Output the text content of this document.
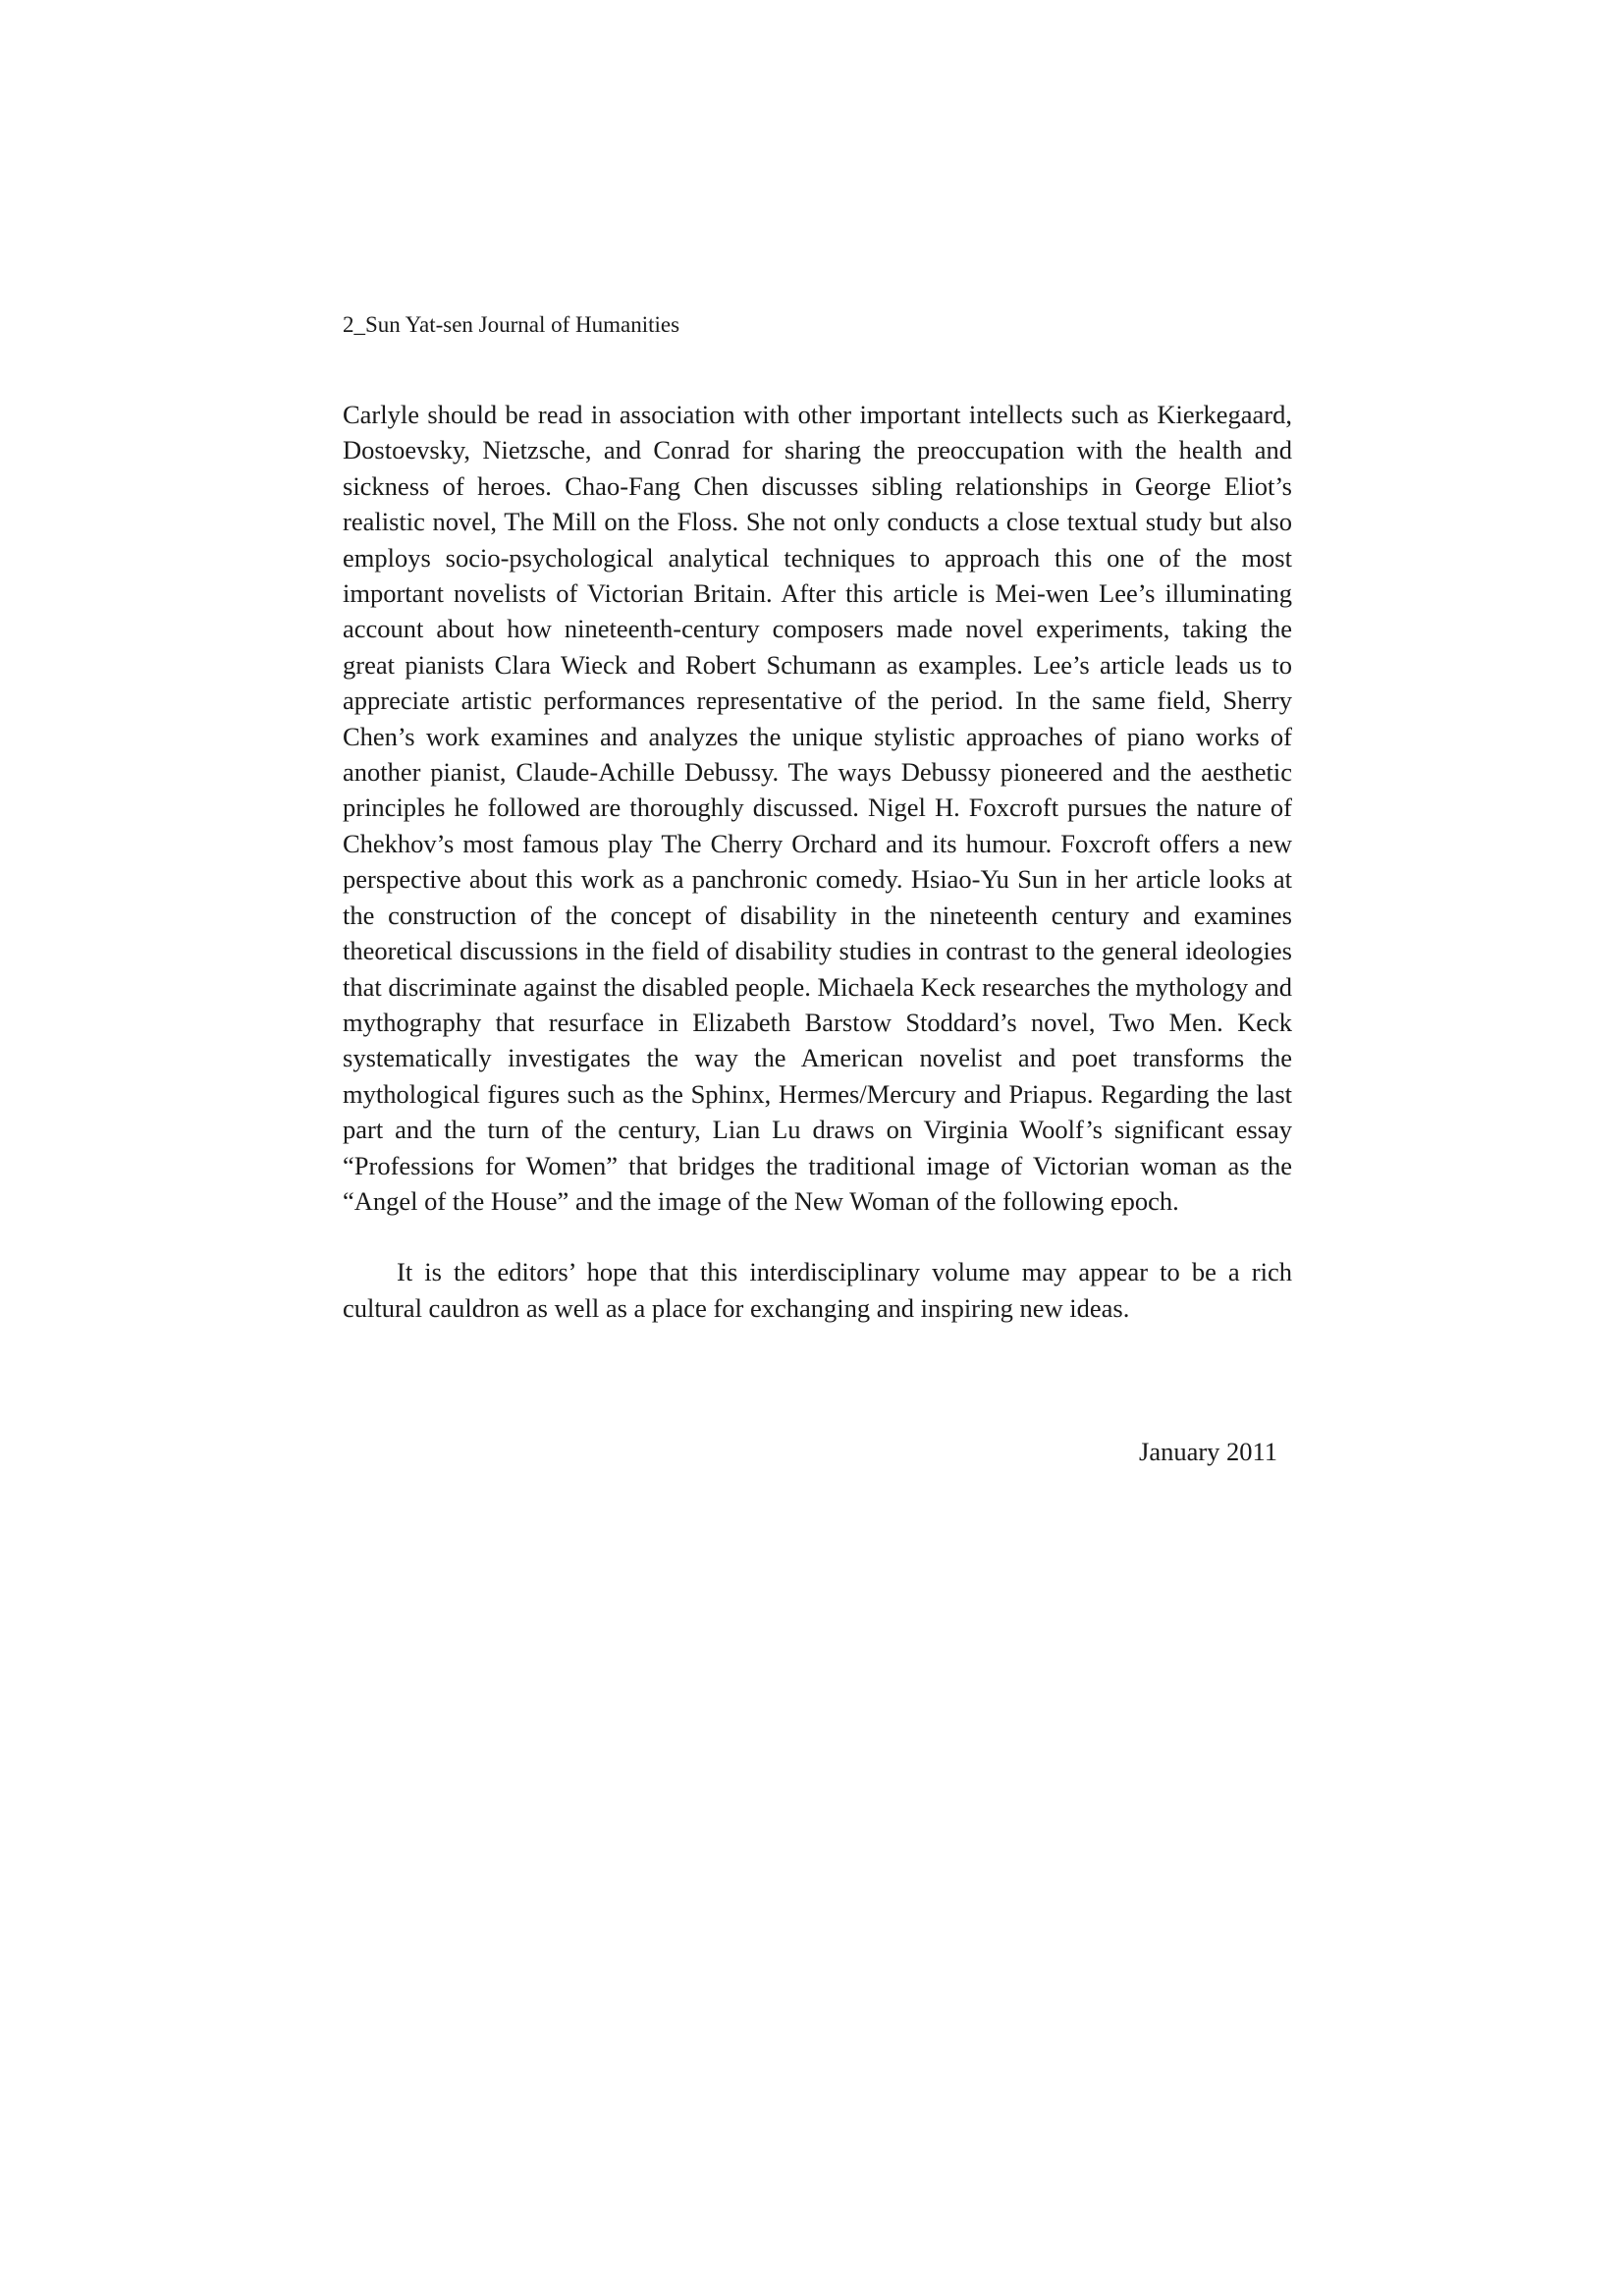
2_Sun Yat-sen Journal of Humanities

Carlyle should be read in association with other important intellects such as Kierkegaard, Dostoevsky, Nietzsche, and Conrad for sharing the preoccupation with the health and sickness of heroes. Chao-Fang Chen discusses sibling relationships in George Eliot’s realistic novel, The Mill on the Floss. She not only conducts a close textual study but also employs socio-psychological analytical techniques to approach this one of the most important novelists of Victorian Britain. After this article is Mei-wen Lee’s illuminating account about how nineteenth-century composers made novel experiments, taking the great pianists Clara Wieck and Robert Schumann as examples. Lee’s article leads us to appreciate artistic performances representative of the period. In the same field, Sherry Chen’s work examines and analyzes the unique stylistic approaches of piano works of another pianist, Claude-Achille Debussy. The ways Debussy pioneered and the aesthetic principles he followed are thoroughly discussed. Nigel H. Foxcroft pursues the nature of Chekhov’s most famous play The Cherry Orchard and its humour. Foxcroft offers a new perspective about this work as a panchronic comedy. Hsiao-Yu Sun in her article looks at the construction of the concept of disability in the nineteenth century and examines theoretical discussions in the field of disability studies in contrast to the general ideologies that discriminate against the disabled people. Michaela Keck researches the mythology and mythography that resurface in Elizabeth Barstow Stoddard’s novel, Two Men. Keck systematically investigates the way the American novelist and poet transforms the mythological figures such as the Sphinx, Hermes/Mercury and Priapus. Regarding the last part and the turn of the century, Lian Lu draws on Virginia Woolf’s significant essay “Professions for Women” that bridges the traditional image of Victorian woman as the “Angel of the House” and the image of the New Woman of the following epoch.

It is the editors’ hope that this interdisciplinary volume may appear to be a rich cultural cauldron as well as a place for exchanging and inspiring new ideas.

January 2011
